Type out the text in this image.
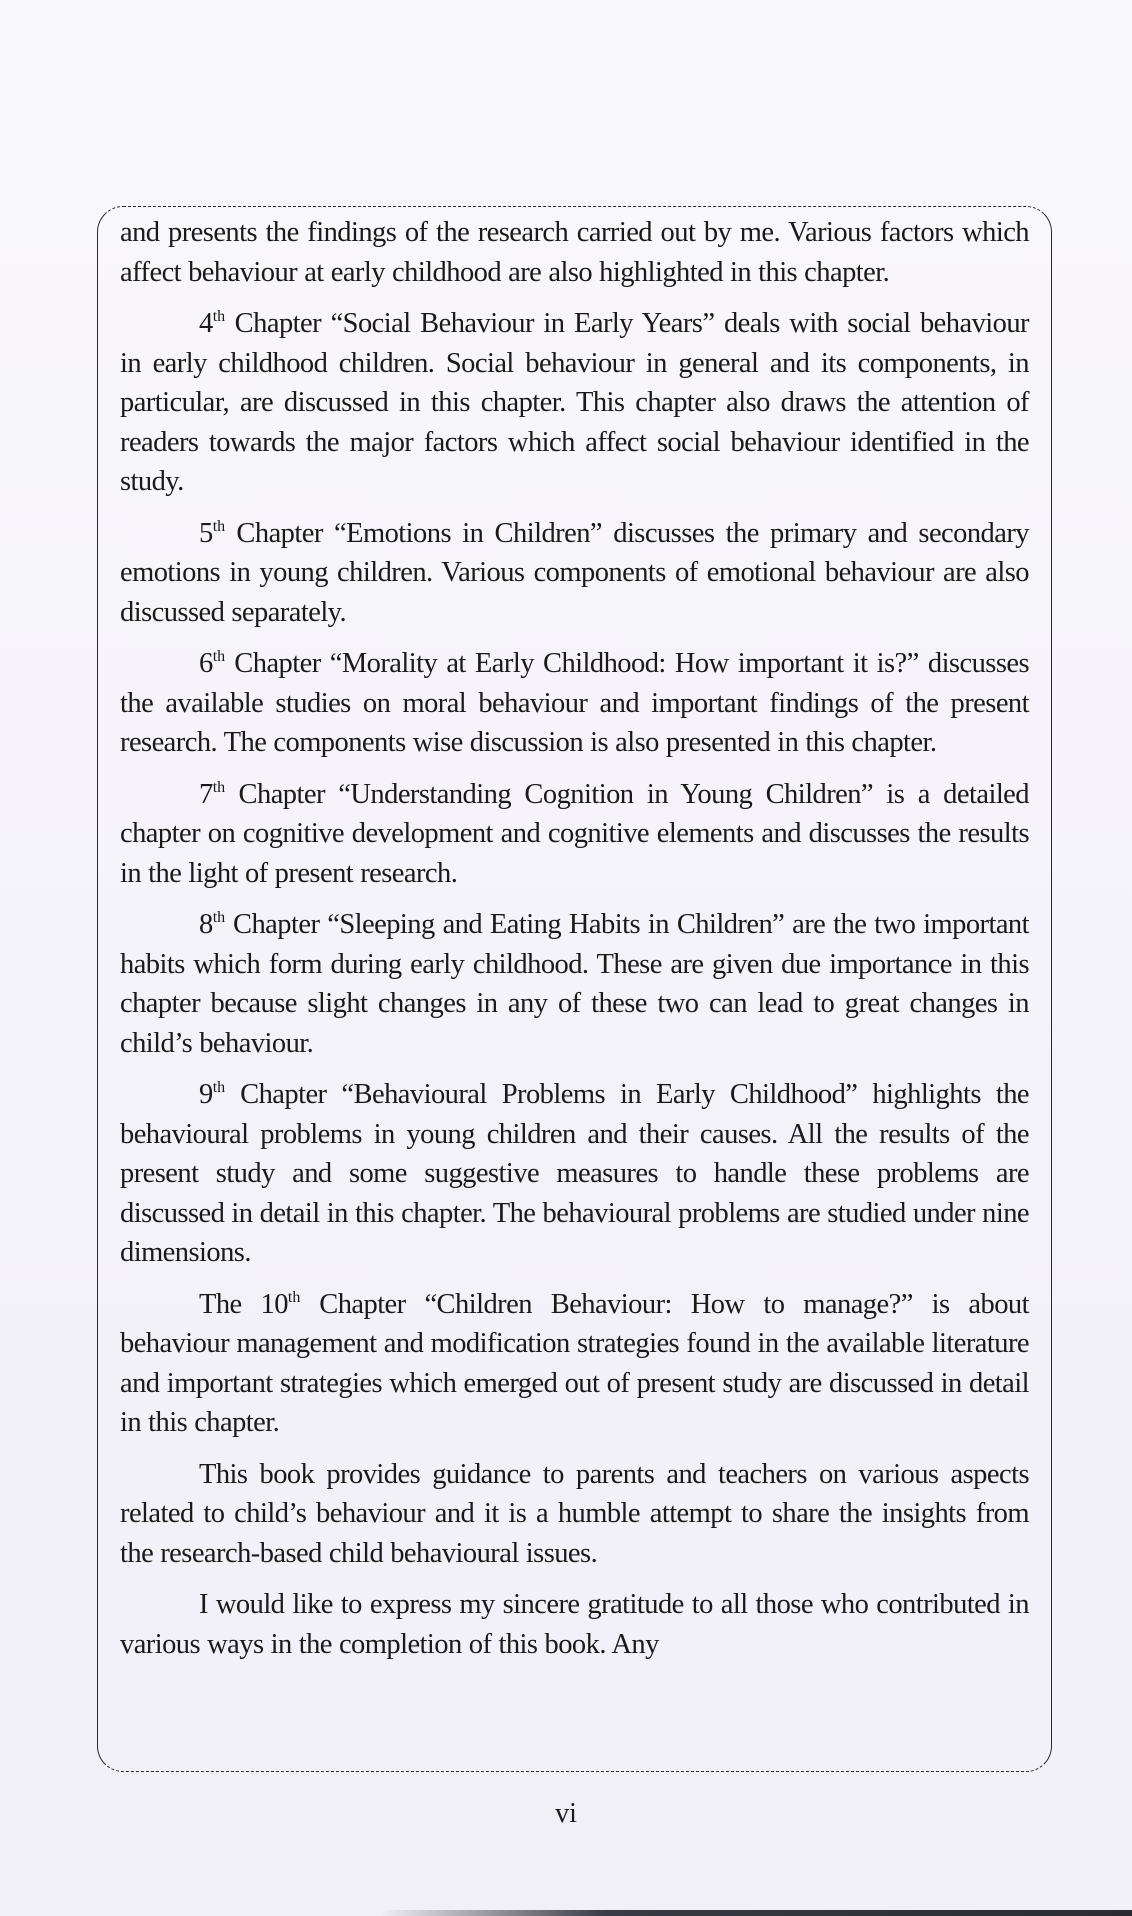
and presents the findings of the research carried out by me. Various factors which affect behaviour at early childhood are also highlighted in this chapter.

4th Chapter “Social Behaviour in Early Years” deals with social behaviour in early childhood children. Social behaviour in general and its components, in particular, are discussed in this chapter. This chapter also draws the attention of readers towards the major factors which affect social behaviour identified in the study.

5th Chapter “Emotions in Children” discusses the primary and secondary emotions in young children. Various components of emotional behaviour are also discussed separately.

6th Chapter “Morality at Early Childhood: How important it is?” discusses the available studies on moral behaviour and important findings of the present research. The components wise discussion is also presented in this chapter.

7th Chapter “Understanding Cognition in Young Children” is a detailed chapter on cognitive development and cognitive elements and discusses the results in the light of present research.

8th Chapter “Sleeping and Eating Habits in Children” are the two important habits which form during early childhood. These are given due importance in this chapter because slight changes in any of these two can lead to great changes in child’s behaviour.

9th Chapter “Behavioural Problems in Early Childhood” highlights the behavioural problems in young children and their causes. All the results of the present study and some suggestive measures to handle these problems are discussed in detail in this chapter. The behavioural problems are studied under nine dimensions.

The 10th Chapter “Children Behaviour: How to manage?” is about behaviour management and modification strategies found in the available literature and important strategies which emerged out of present study are discussed in detail in this chapter.

This book provides guidance to parents and teachers on various aspects related to child’s behaviour and it is a humble attempt to share the insights from the research-based child behavioural issues.

I would like to express my sincere gratitude to all those who contributed in various ways in the completion of this book. Any

vi
